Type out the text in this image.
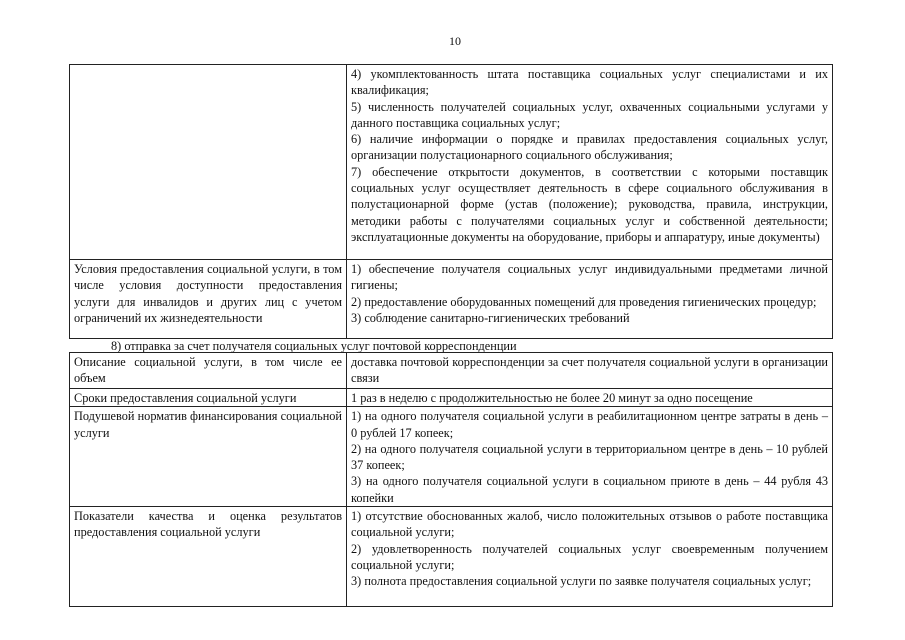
10

	4) укомплектованность штата поставщика социальных услуг специалистами и их квалификация;
5) численность получателей социальных услуг, охваченных социальными услугами у данного поставщика социальных услуг;
6) наличие информации о порядке и правилах предоставления социальных услуг, организации полустационарного социального обслуживания;
7) обеспечение открытости документов, в соответствии с которыми поставщик социальных услуг осуществляет деятельность в сфере социального обслуживания в полустационарной форме (устав (положение); руководства, правила, инструкции, методики работы с получателями социальных услуг и собственной деятельности; эксплуатационные документы на оборудование, приборы и аппаратуру, иные документы)

Условия предоставления социальной услуги, в том числе условия доступности предоставления услуги для инвалидов и других лиц с учетом ограничений их жизнедеятельности	1) обеспечение получателя социальных услуг индивидуальными предметами личной гигиены;
2) предоставление оборудованных помещений для проведения гигиенических процедур;
3) соблюдение санитарно-гигиенических требований
8) отправка за счет получателя социальных услуг почтовой корреспонденции
Описание социальной услуги, в том числе ее объем	доставка почтовой корреспонденции за счет получателя социальной услуги в организации связи

Сроки предоставления социальной услуги	1 раз в неделю с продолжительностью не более 20 минут за одно посещение

Подушевой норматив финансирования социальной услуги	1) на одного получателя социальной услуги в реабилитационном центре затраты в день – 0 рублей 17 копеек;
2) на одного получателя социальной услуги в территориальном центре в день – 10 рублей 37 копеек;
3) на одного получателя социальной услуги в социальном приюте в день – 44 рубля 43 копейки

Показатели качества и оценка результатов предоставления социальной услуги	1) отсутствие обоснованных жалоб, число положительных отзывов о работе поставщика социальной услуги;
2) удовлетворенность получателей социальных услуг своевременным получением социальной услуги;
3) полнота предоставления социальной услуги по заявке получателя социальных услуг;
